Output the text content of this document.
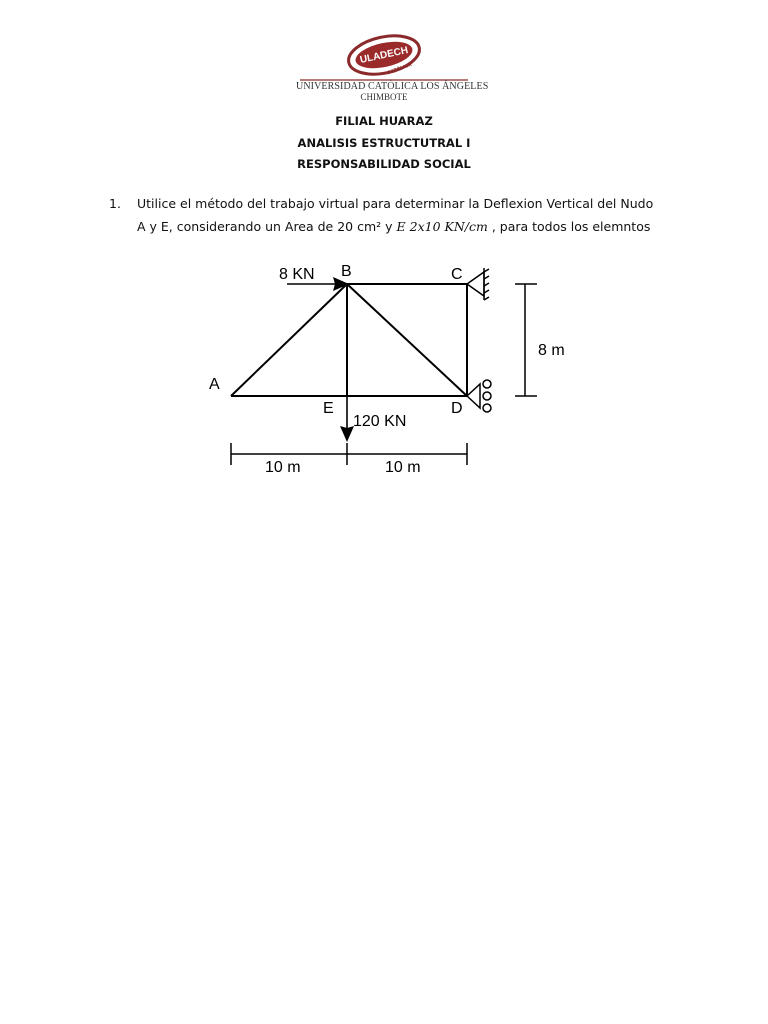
ULADECH
CATÓLICA
UNIVERSIDAD CATÓLICA LOS ÁNGELES
CHIMBOTE
FILIAL HUARAZ
ANALISIS ESTRUCTUTRAL I
RESPONSABILIDAD SOCIAL
1. Utilice el método del trabajo virtual para determinar la Deflexion Vertical del Nudo
A y E, considerando un Area de 20 cm² y E 2x10 KN/cm , para todos los elemntos
8 KN
120 KN
A
B	C
D
E
8 m
10 m	10 m
